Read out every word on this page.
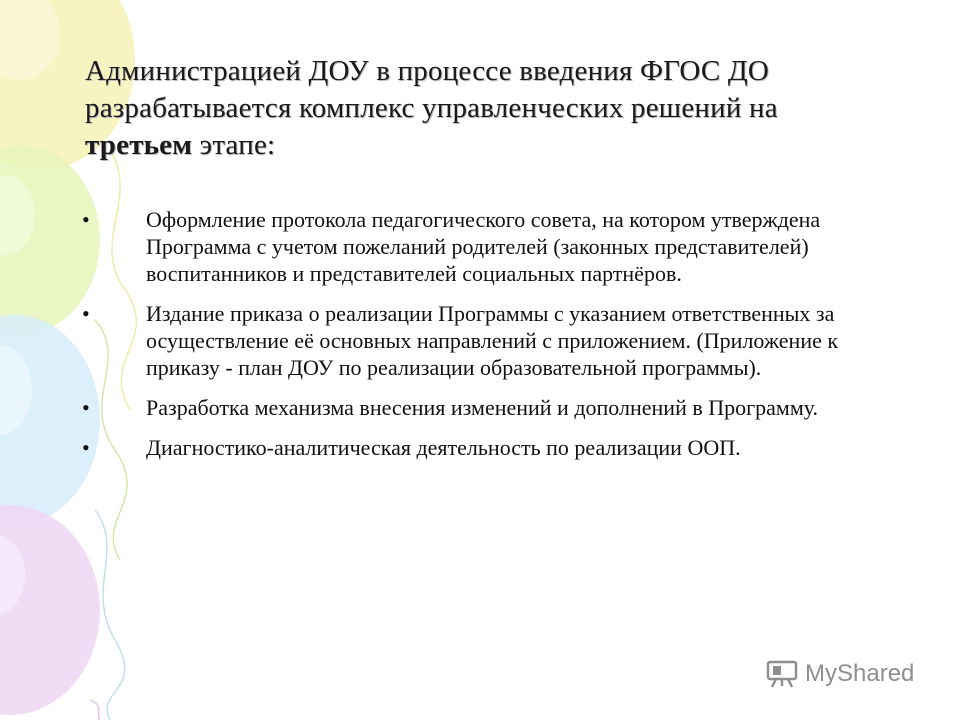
Администрацией ДОУ в процессе введения ФГОС ДО разрабатывается комплекс управленческих решений на третьем этапе:
•	Оформление протокола педагогического совета, на котором утверждена Программа с учетом пожеланий родителей (законных представителей) воспитанников и представителей социальных партнёров.
•	Издание приказа о реализации Программы с указанием ответственных за осуществление её основных направлений с приложением. (Приложение к приказу - план ДОУ по реализации образовательной программы).
•	Разработка механизма внесения изменений и дополнений в Программу.
•	Диагностико-аналитическая деятельность по реализации ООП.
MyShared
